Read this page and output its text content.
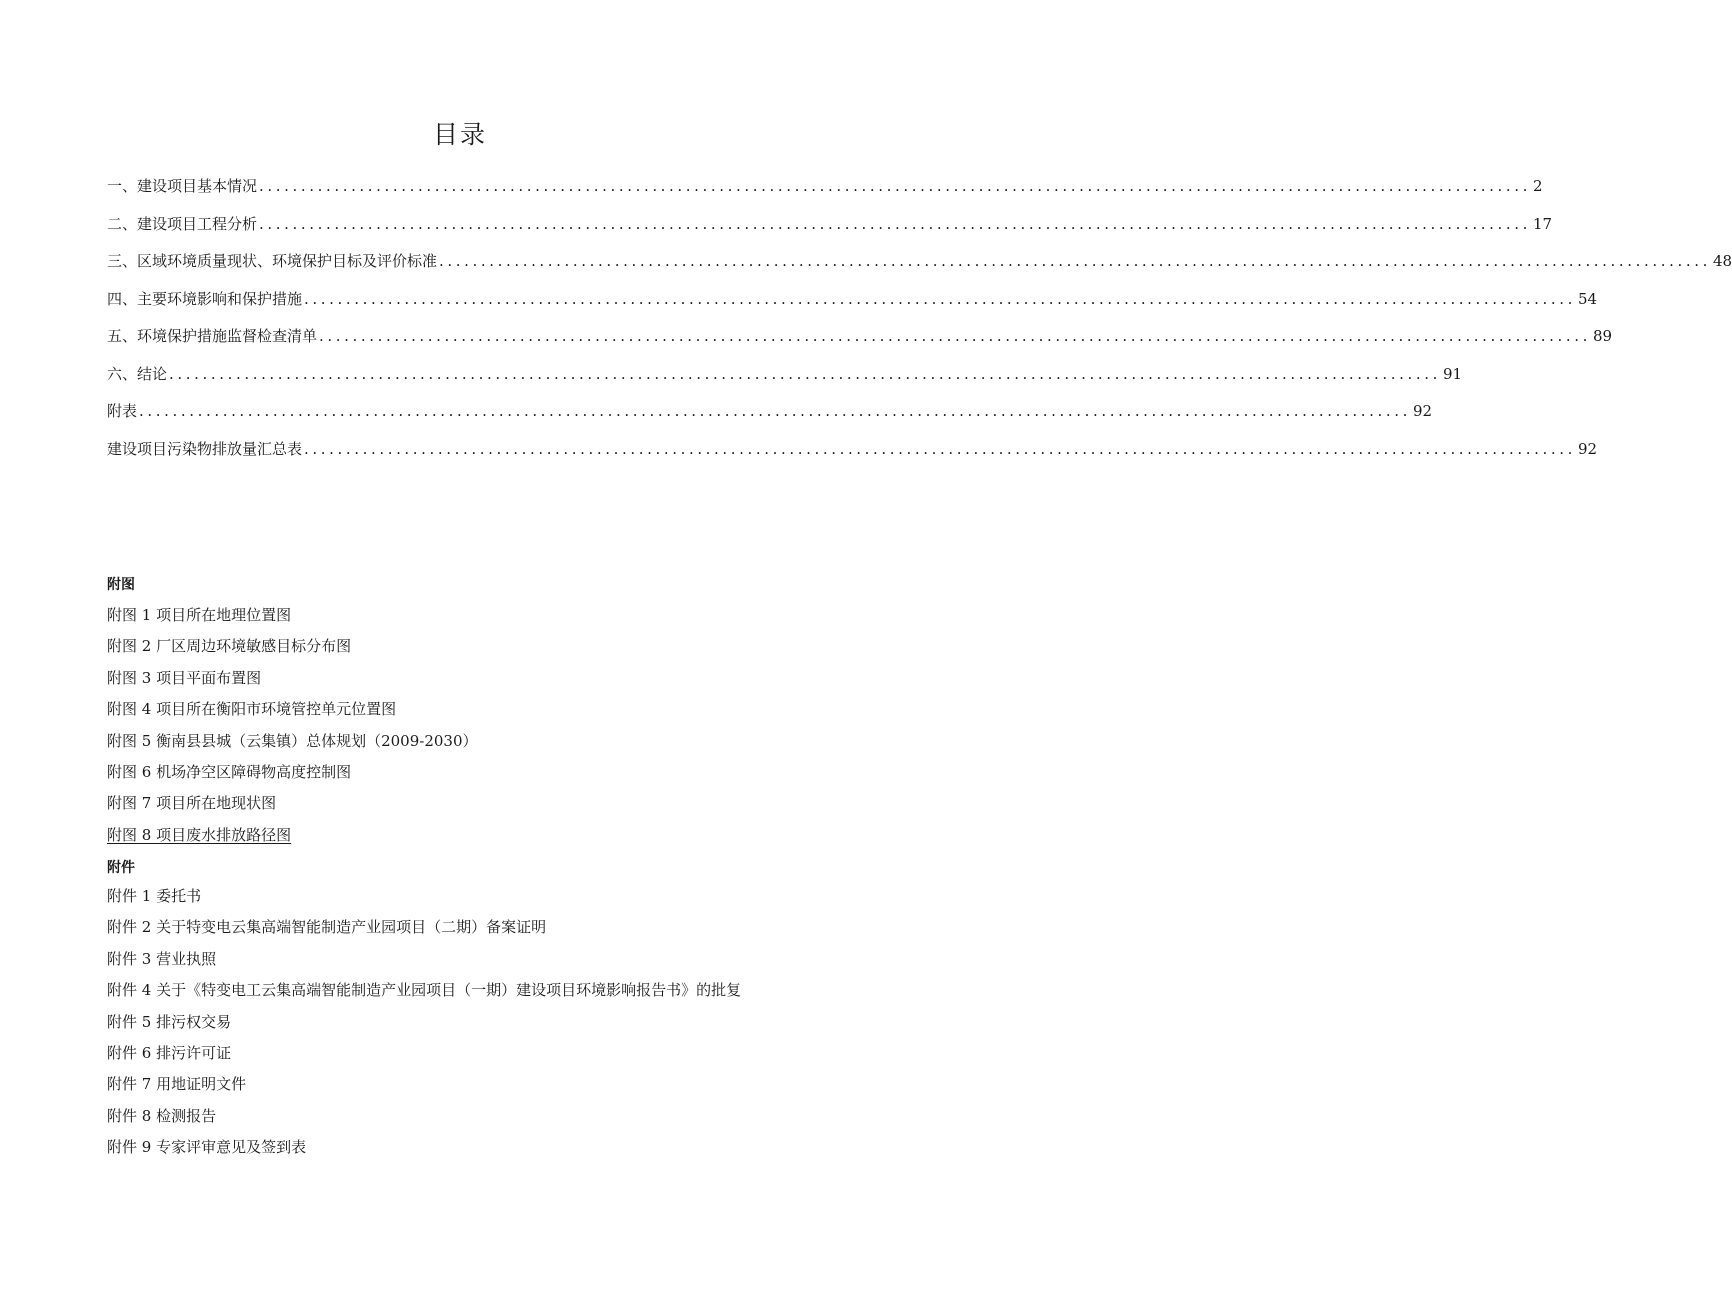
目录
一、建设项目基本情况 ........................................................................................................................................................ 2
二、建设项目工程分析 ........................................................................................................................................................ 17
三、区域环境质量现状、环境保护目标及评价标准 ........................................................................................................................................................ 48
四、主要环境影响和保护措施 ........................................................................................................................................................ 54
五、环境保护措施监督检查清单 ........................................................................................................................................................ 89
六、结论 ........................................................................................................................................................ 91
附表 ........................................................................................................................................................ 92
建设项目污染物排放量汇总表 ........................................................................................................................................................ 92
附图
附图 1 项目所在地理位置图
附图 2 厂区周边环境敏感目标分布图
附图 3 项目平面布置图
附图 4 项目所在衡阳市环境管控单元位置图
附图 5 衡南县县城（云集镇）总体规划（2009-2030）
附图 6 机场净空区障碍物高度控制图
附图 7 项目所在地现状图
附图 8 项目废水排放路径图
附件
附件 1 委托书
附件 2 关于特变电云集高端智能制造产业园项目（二期）备案证明
附件 3 营业执照
附件 4 关于《特变电工云集高端智能制造产业园项目（一期）建设项目环境影响报告书》的批复
附件 5 排污权交易
附件 6 排污许可证
附件 7 用地证明文件
附件 8 检测报告
附件 9 专家评审意见及签到表
